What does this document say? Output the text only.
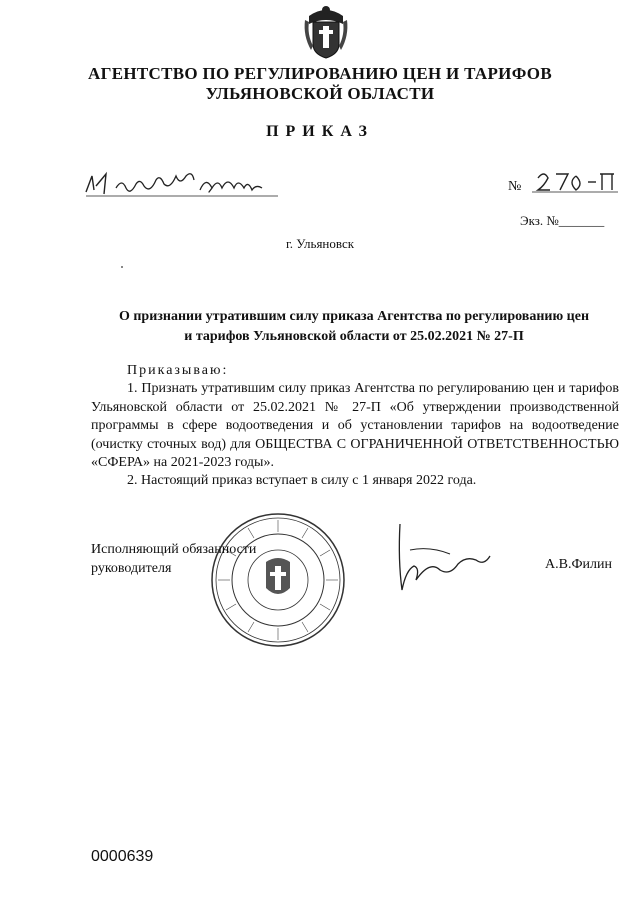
АГЕНТСТВО ПО РЕГУЛИРОВАНИЮ ЦЕН И ТАРИФОВ
УЛЬЯНОВСКОЙ ОБЛАСТИ
ПРИКАЗ
№
Экз. №_______
г. Ульяновск
О признании утратившим силу приказа Агентства по регулированию цен
и тарифов Ульяновской области от 25.02.2021 № 27-П
Приказываю:

1. Признать утратившим силу приказ Агентства по регулированию цен и тарифов Ульяновской области от 25.02.2021 № 27-П «Об утверждении производственной программы в сфере водоотведения и об установлении тарифов на водоотведение (очистку сточных вод) для ОБЩЕСТВА С ОГРАНИЧЕННОЙ ОТВЕТСТВЕННОСТЬЮ «СФЕРА» на 2021-2023 годы».

2. Настоящий приказ вступает в силу с 1 января 2022 года.

Исполняющий обязанности
руководителя	А.В.Филин
0000639
